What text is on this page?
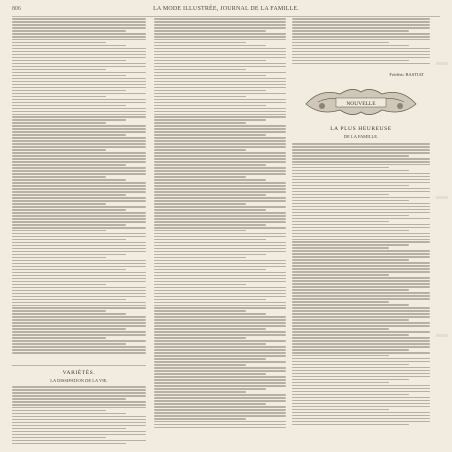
806	LA MODE ILLUSTRÉE, JOURNAL DE LA FAMILLE.
VARIÉTÉS.
LA DISSIPATION DE LA VIE.
Frédéric BASTIAT
NOUVELLE
LA PLUS HEUREUSE
DE LA FAMILLE.
